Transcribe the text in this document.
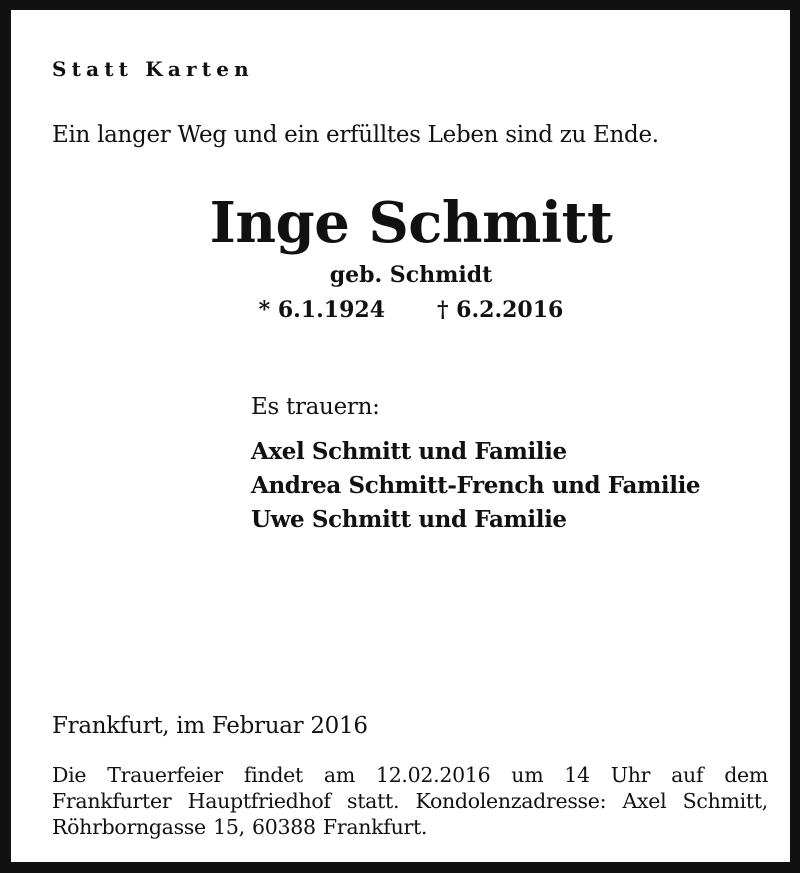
Statt Karten

Ein langer Weg und ein erfülltes Leben sind zu Ende.

Inge Schmitt

geb. Schmidt

* 6.1.1924 † 6.2.2016

Es trauern:

Axel Schmitt und Familie

Andrea Schmitt-French und Familie

Uwe Schmitt und Familie

Frankfurt, im Februar 2016

Die Trauerfeier findet am 12.02.2016 um 14 Uhr auf dem Frankfurter Hauptfriedhof statt. Kondolenzadresse: Axel Schmitt, Röhrborngasse 15, 60388 Frankfurt.
